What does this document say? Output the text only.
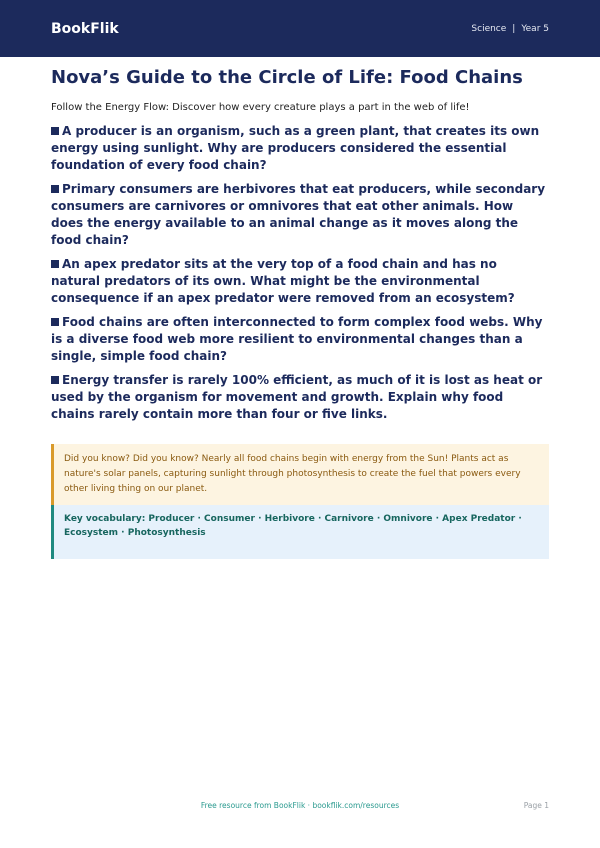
BookFlik	Science | Year 5
Nova’s Guide to the Circle of Life: Food Chains

Follow the Energy Flow: Discover how every creature plays a part in the web of life!

A producer is an organism, such as a green plant, that creates its own energy using sunlight. Why are producers considered the essential foundation of every food chain?

Primary consumers are herbivores that eat producers, while secondary consumers are carnivores or omnivores that eat other animals. How does the energy available to an animal change as it moves along the food chain?

An apex predator sits at the very top of a food chain and has no natural predators of its own. What might be the environmental consequence if an apex predator were removed from an ecosystem?

Food chains are often interconnected to form complex food webs. Why is a diverse food web more resilient to environmental changes than a single, simple food chain?

Energy transfer is rarely 100% efficient, as much of it is lost as heat or used by the organism for movement and growth. Explain why food chains rarely contain more than four or five links.

Did you know? Did you know? Nearly all food chains begin with energy from the Sun! Plants act as nature's solar panels, capturing sunlight through photosynthesis to create the fuel that powers every other living thing on our planet.
Key vocabulary: Producer · Consumer · Herbivore · Carnivore · Omnivore · Apex Predator · Ecosystem · Photosynthesis
Free resource from BookFlik · bookflik.com/resources	Page 1
